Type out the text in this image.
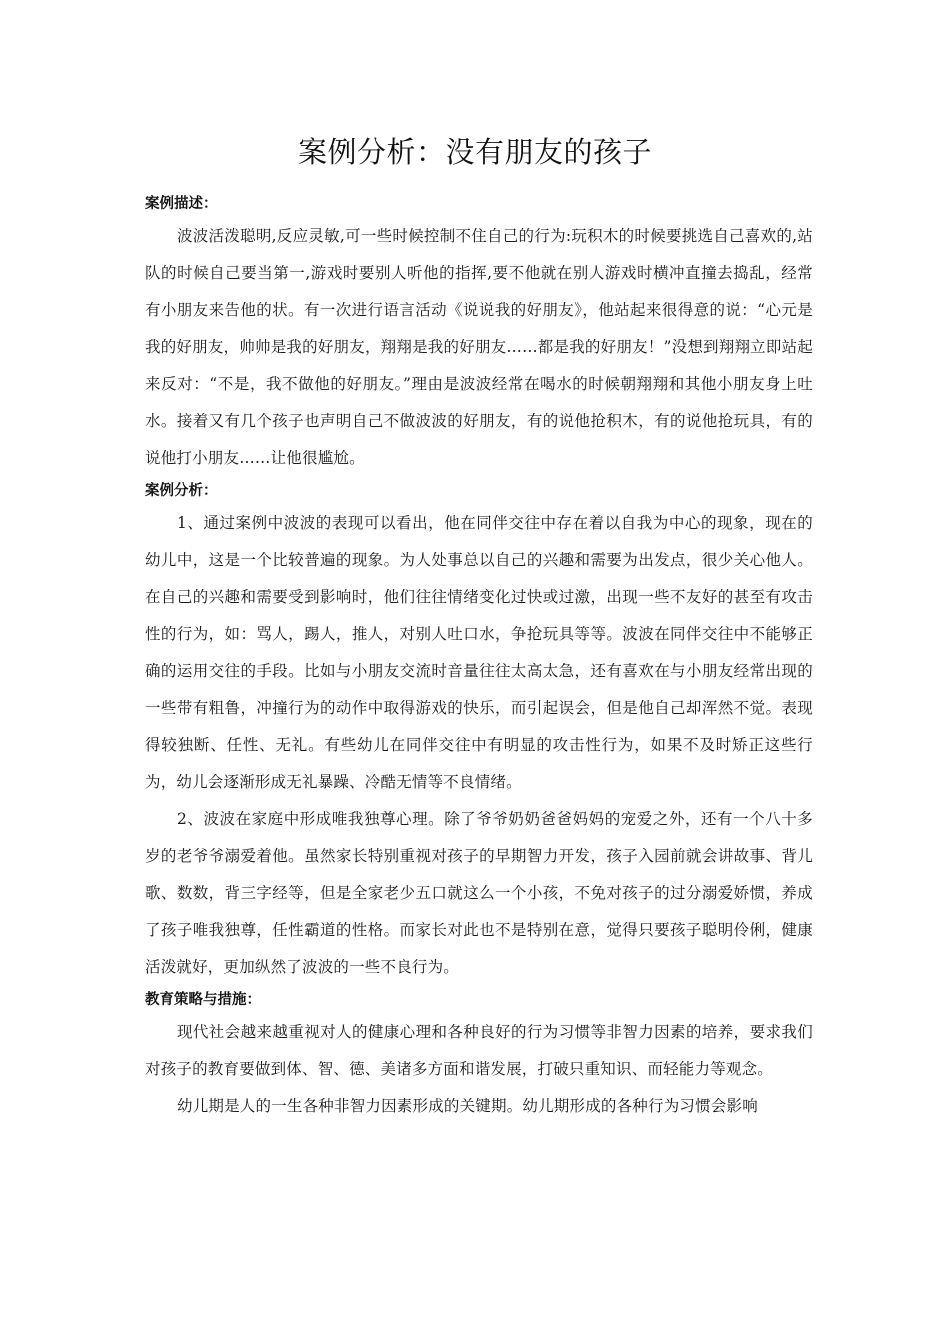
案例分析：没有朋友的孩子

案例描述：

波波活泼聪明,反应灵敏,可一些时候控制不住自己的行为:玩积木的时候要挑选自己喜欢的,站队的时候自己要当第一,游戏时要别人听他的指挥,要不他就在别人游戏时横冲直撞去捣乱，经常有小朋友来告他的状。有一次进行语言活动《说说我的好朋友》，他站起来很得意的说：“心元是我的好朋友，帅帅是我的好朋友，翔翔是我的好朋友……都是我的好朋友！”没想到翔翔立即站起来反对：“不是，我不做他的好朋友。”理由是波波经常在喝水的时候朝翔翔和其他小朋友身上吐水。接着又有几个孩子也声明自己不做波波的好朋友，有的说他抢积木，有的说他抢玩具，有的说他打小朋友……让他很尴尬。

案例分析：

1、通过案例中波波的表现可以看出，他在同伴交往中存在着以自我为中心的现象，现在的幼儿中，这是一个比较普遍的现象。为人处事总以自己的兴趣和需要为出发点，很少关心他人。在自己的兴趣和需要受到影响时，他们往往情绪变化过快或过激，出现一些不友好的甚至有攻击性的行为，如：骂人，踢人，推人，对别人吐口水，争抢玩具等等。波波在同伴交往中不能够正确的运用交往的手段。比如与小朋友交流时音量往往太高太急，还有喜欢在与小朋友经常出现的一些带有粗鲁，冲撞行为的动作中取得游戏的快乐，而引起误会，但是他自己却浑然不觉。表现得较独断、任性、无礼。有些幼儿在同伴交往中有明显的攻击性行为，如果不及时矫正这些行为，幼儿会逐渐形成无礼暴躁、冷酷无情等不良情绪。

2、波波在家庭中形成唯我独尊心理。除了爷爷奶奶爸爸妈妈的宠爱之外，还有一个八十多岁的老爷爷溺爱着他。虽然家长特别重视对孩子的早期智力开发，孩子入园前就会讲故事、背儿歌、数数，背三字经等，但是全家老少五口就这么一个小孩，不免对孩子的过分溺爱娇惯，养成了孩子唯我独尊，任性霸道的性格。而家长对此也不是特别在意，觉得只要孩子聪明伶俐，健康活泼就好，更加纵然了波波的一些不良行为。

教育策略与措施：

现代社会越来越重视对人的健康心理和各种良好的行为习惯等非智力因素的培养，要求我们对孩子的教育要做到体、智、德、美诸多方面和谐发展，打破只重知识、而轻能力等观念。

幼儿期是人的一生各种非智力因素形成的关键期。幼儿期形成的各种行为习惯会影响
